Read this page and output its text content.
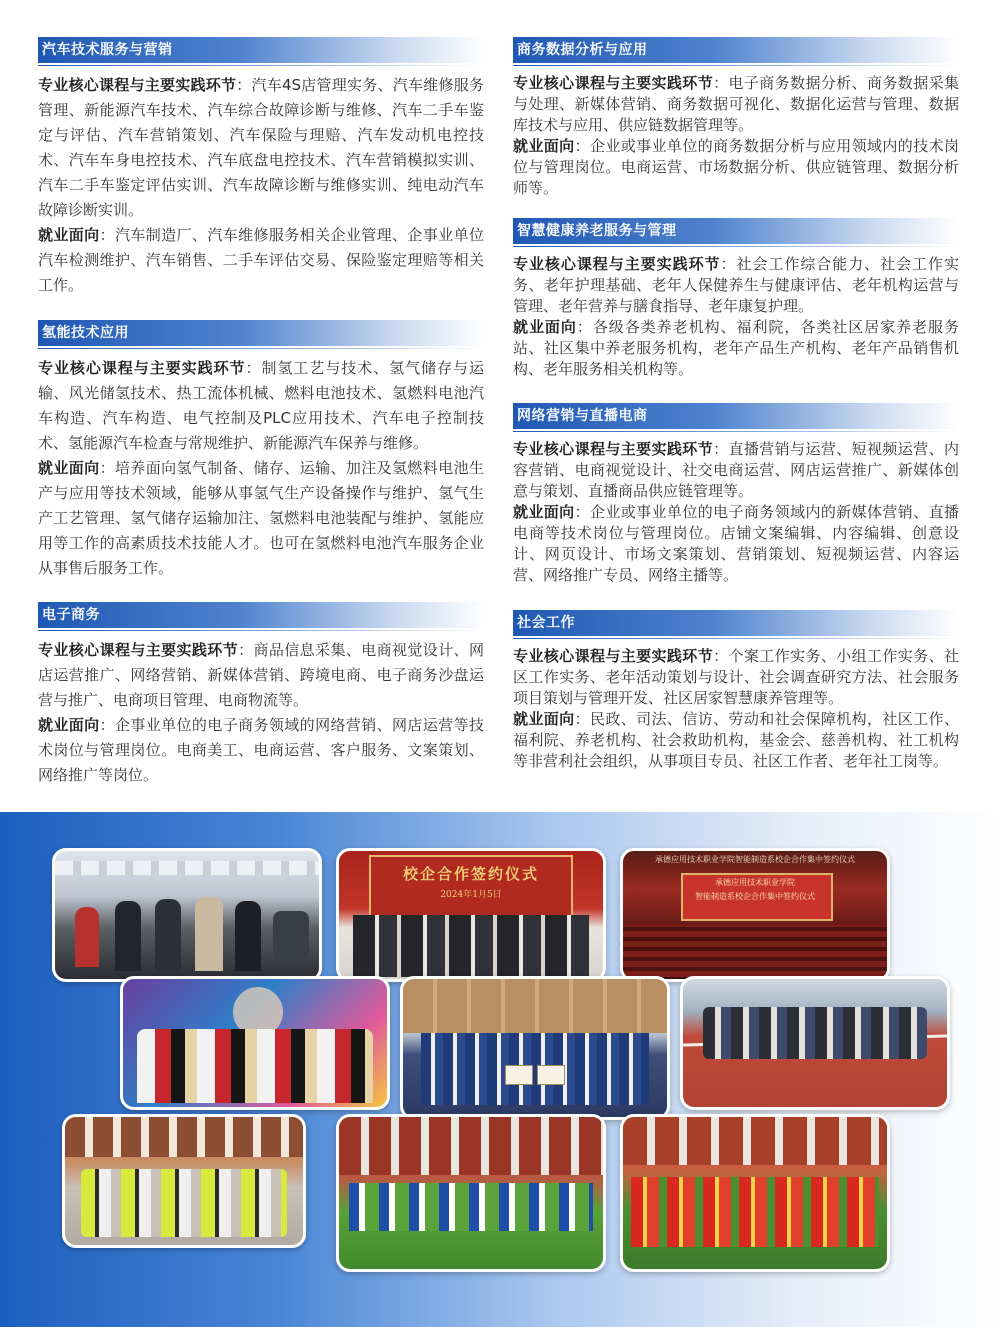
汽车技术服务与营销

专业核心课程与主要实践环节：汽车4S店管理实务、汽车维修服务管理、新能源汽车技术、汽车综合故障诊断与维修、汽车二手车鉴定与评估、汽车营销策划、汽车保险与理赔、汽车发动机电控技术、汽车车身电控技术、汽车底盘电控技术、汽车营销模拟实训、汽车二手车鉴定评估实训、汽车故障诊断与维修实训、纯电动汽车故障诊断实训。

就业面向：汽车制造厂、汽车维修服务相关企业管理、企事业单位汽车检测维护、汽车销售、二手车评估交易、保险鉴定理赔等相关工作。

氢能技术应用

专业核心课程与主要实践环节：制氢工艺与技术、氢气储存与运输、风光储氢技术、热工流体机械、燃料电池技术、氢燃料电池汽车构造、汽车构造、电气控制及PLC应用技术、汽车电子控制技术、氢能源汽车检查与常规维护、新能源汽车保养与维修。

就业面向：培养面向氢气制备、储存、运输、加注及氢燃料电池生产与应用等技术领域，能够从事氢气生产设备操作与维护、氢气生产工艺管理、氢气储存运输加注、氢燃料电池装配与维护、氢能应用等工作的高素质技术技能人才。也可在氢燃料电池汽车服务企业从事售后服务工作。

电子商务

专业核心课程与主要实践环节：商品信息采集、电商视觉设计、网店运营推广、网络营销、新媒体营销、跨境电商、电子商务沙盘运营与推广、电商项目管理、电商物流等。

就业面向：企事业单位的电子商务领域的网络营销、网店运营等技术岗位与管理岗位。电商美工、电商运营、客户服务、文案策划、网络推广等岗位。

商务数据分析与应用

专业核心课程与主要实践环节：电子商务数据分析、商务数据采集与处理、新媒体营销、商务数据可视化、数据化运营与管理、数据库技术与应用、供应链数据管理等。

就业面向：企业或事业单位的商务数据分析与应用领域内的技术岗位与管理岗位。电商运营、市场数据分析、供应链管理、数据分析师等。

智慧健康养老服务与管理

专业核心课程与主要实践环节：社会工作综合能力、社会工作实务、老年护理基础、老年人保健养生与健康评估、老年机构运营与管理、老年营养与膳食指导、老年康复护理。

就业面向：各级各类养老机构、福利院，各类社区居家养老服务站、社区集中养老服务机构，老年产品生产机构、老年产品销售机构、老年服务相关机构等。

网络营销与直播电商

专业核心课程与主要实践环节：直播营销与运营、短视频运营、内容营销、电商视觉设计、社交电商运营、网店运营推广、新媒体创意与策划、直播商品供应链管理等。

就业面向：企业或事业单位的电子商务领域内的新媒体营销、直播电商等技术岗位与管理岗位。店铺文案编辑、内容编辑、创意设计、网页设计、市场文案策划、营销策划、短视频运营、内容运营、网络推广专员、网络主播等。

社会工作

专业核心课程与主要实践环节：个案工作实务、小组工作实务、社区工作实务、老年活动策划与设计、社会调查研究方法、社会服务项目策划与管理开发、社区居家智慧康养管理等。

就业面向：民政、司法、信访、劳动和社会保障机构，社区工作、福利院、养老机构、社会救助机构，基金会、慈善机构、社工机构等非营利社会组织，从事项目专员、社区工作者、老年社工岗等。

校企合作签约仪式
2024年1月5日
承德应用技术职业学院智能制造系校企合作集中签约仪式
承德应用技术职业学院
智能制造系校企合作集中签约仪式
